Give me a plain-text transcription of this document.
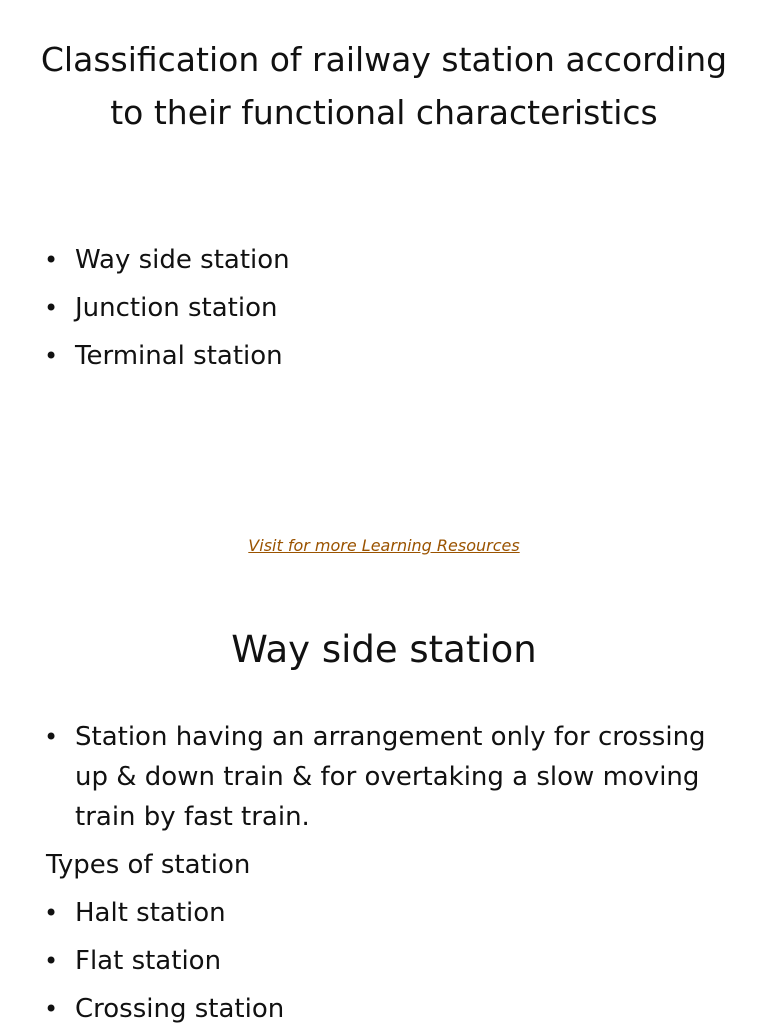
Classification of railway station according to their functional characteristics
• Way side station
• Junction station
• Terminal station
Visit for more Learning Resources
Way side station
• Station having an arrangement only for crossing up & down train & for overtaking a slow moving train by fast train.
Types of station
• Halt station
• Flat station
• Crossing station
